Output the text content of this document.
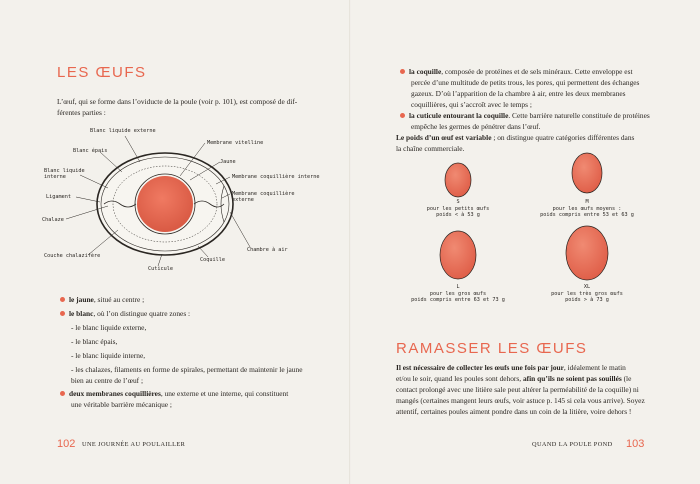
LES ŒUFS
L’œuf, qui se forme dans l’oviducte de la poule (voir p. 101), est composé de dif-
férentes parties :
Blanc liquide externe
Blanc épais
Blanc liquide
interne
Ligament
Chalaze
Couche chalazifère
Cuticule
Coquille
Chambre à air
Membrane coquillière
externe
Membrane coquillière interne
Jaune
Membrane vitelline
le jaune, situé au centre ;
le blanc, où l’on distingue quatre zones :
- le blanc liquide externe,
- le blanc épais,
- le blanc liquide interne,
- les chalazes, filaments en forme de spirales, permettant de maintenir le jaune
bien au centre de l’œuf ;
deux membranes coquillières, une externe et une interne, qui constituent
une véritable barrière mécanique ;
102 UNE JOURNÉE AU POULAILLER
la coquille, composée de protéines et de sels minéraux. Cette enveloppe est
percée d’une multitude de petits trous, les pores, qui permettent des échanges
gazeux. D’où l’apparition de la chambre à air, entre les deux membranes
coquillières, qui s’accroît avec le temps ;
la cuticule entourant la coquille. Cette barrière naturelle constituée de protéines
empêche les germes de pénétrer dans l’œuf.
Le poids d’un œuf est variable ; on distingue quatre catégories différentes dans
la chaîne commerciale.
S
pour les petits œufs
poids < à 53 g
M
pour les œufs moyens :
poids compris entre 53 et 63 g
L
pour les gros œufs
poids compris entre 63 et 73 g
XL
pour les très gros œufs
poids > à 73 g
RAMASSER LES ŒUFS
Il est nécessaire de collecter les œufs une fois par jour, idéalement le matin
et/ou le soir, quand les poules sont dehors, afin qu’ils ne soient pas souillés (le
contact prolongé avec une litière sale peut altérer la perméabilité de la coquille) ni
mangés (certaines mangent leurs œufs, voir astuce p. 145 si cela vous arrive). Soyez
attentif, certaines poules aiment pondre dans un coin de la litière, voire dehors !
QUAND LA POULE POND 103
